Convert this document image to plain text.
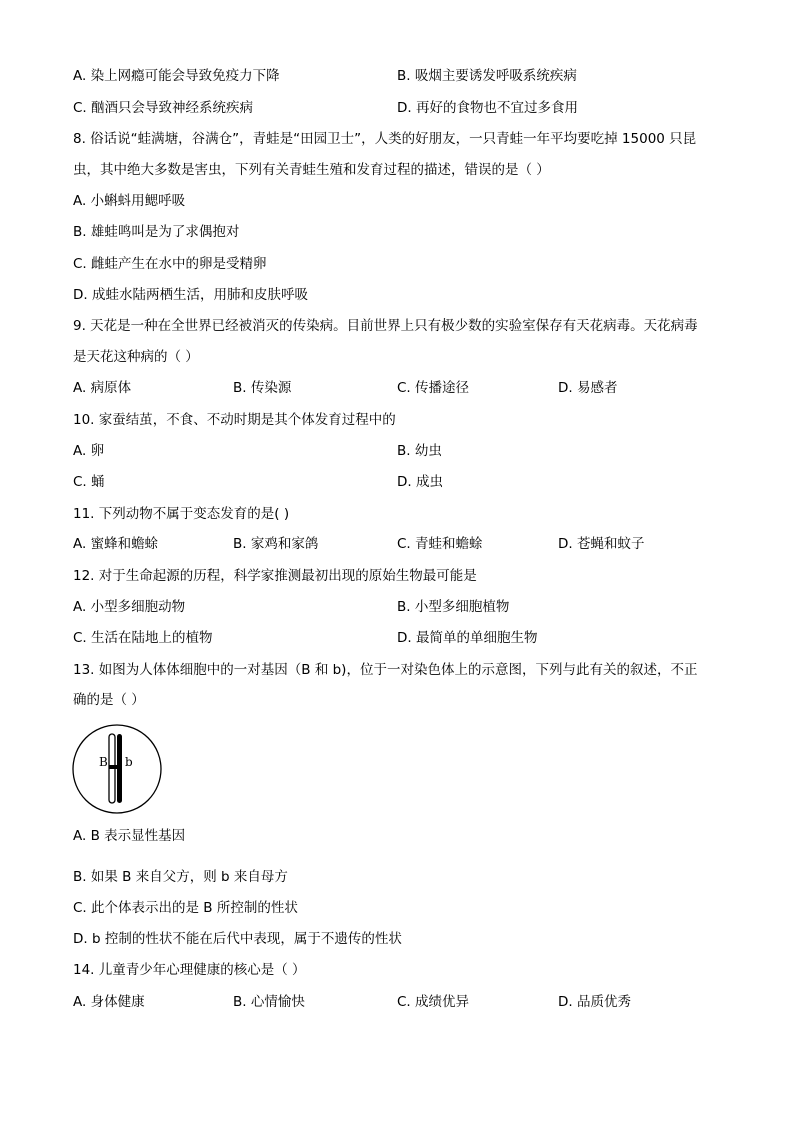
A. 染上网瘾可能会导致免疫力下降	B. 吸烟主要诱发呼吸系统疾病
C. 酗酒只会导致神经系统疾病	D. 再好的食物也不宜过多食用
8. 俗话说“蛙满塘，谷满仓”，青蛙是“田园卫士”，人类的好朋友，一只青蛙一年平均要吃掉 15000 只昆
虫，其中绝大多数是害虫，下列有关青蛙生殖和发育过程的描述，错误的是（ ）
A. 小蝌蚪用鳃呼吸
B. 雄蛙鸣叫是为了求偶抱对
C. 雌蛙产生在水中的卵是受精卵
D. 成蛙水陆两栖生活，用肺和皮肤呼吸
9. 天花是一种在全世界已经被消灭的传染病。目前世界上只有极少数的实验室保存有天花病毒。天花病毒
是天花这种病的（ ）
A. 病原体	B. 传染源	C. 传播途径	D. 易感者
10. 家蚕结茧，不食、不动时期是其个体发育过程中的
A. 卵	B. 幼虫
C. 蛹	D. 成虫
11. 下列动物不属于变态发育的是( )
A. 蜜蜂和蟾蜍	B. 家鸡和家鸽	C. 青蛙和蟾蜍	D. 苍蝇和蚊子
12. 对于生命起源的历程，科学家推测最初出现的原始生物最可能是
A. 小型多细胞动物	B. 小型多细胞植物
C. 生活在陆地上的植物	D. 最简单的单细胞生物
13. 如图为人体体细胞中的一对基因（B 和 b)，位于一对染色体上的示意图，下列与此有关的叙述，不正
确的是（ ）
B b
A. B 表示显性基因
B. 如果 B 来自父方，则 b 来自母方
C. 此个体表示出的是 B 所控制的性状
D. b 控制的性状不能在后代中表现，属于不遗传的性状
14. 儿童青少年心理健康的核心是（ ）
A. 身体健康	B. 心情愉快	C. 成绩优异	D. 品质优秀
